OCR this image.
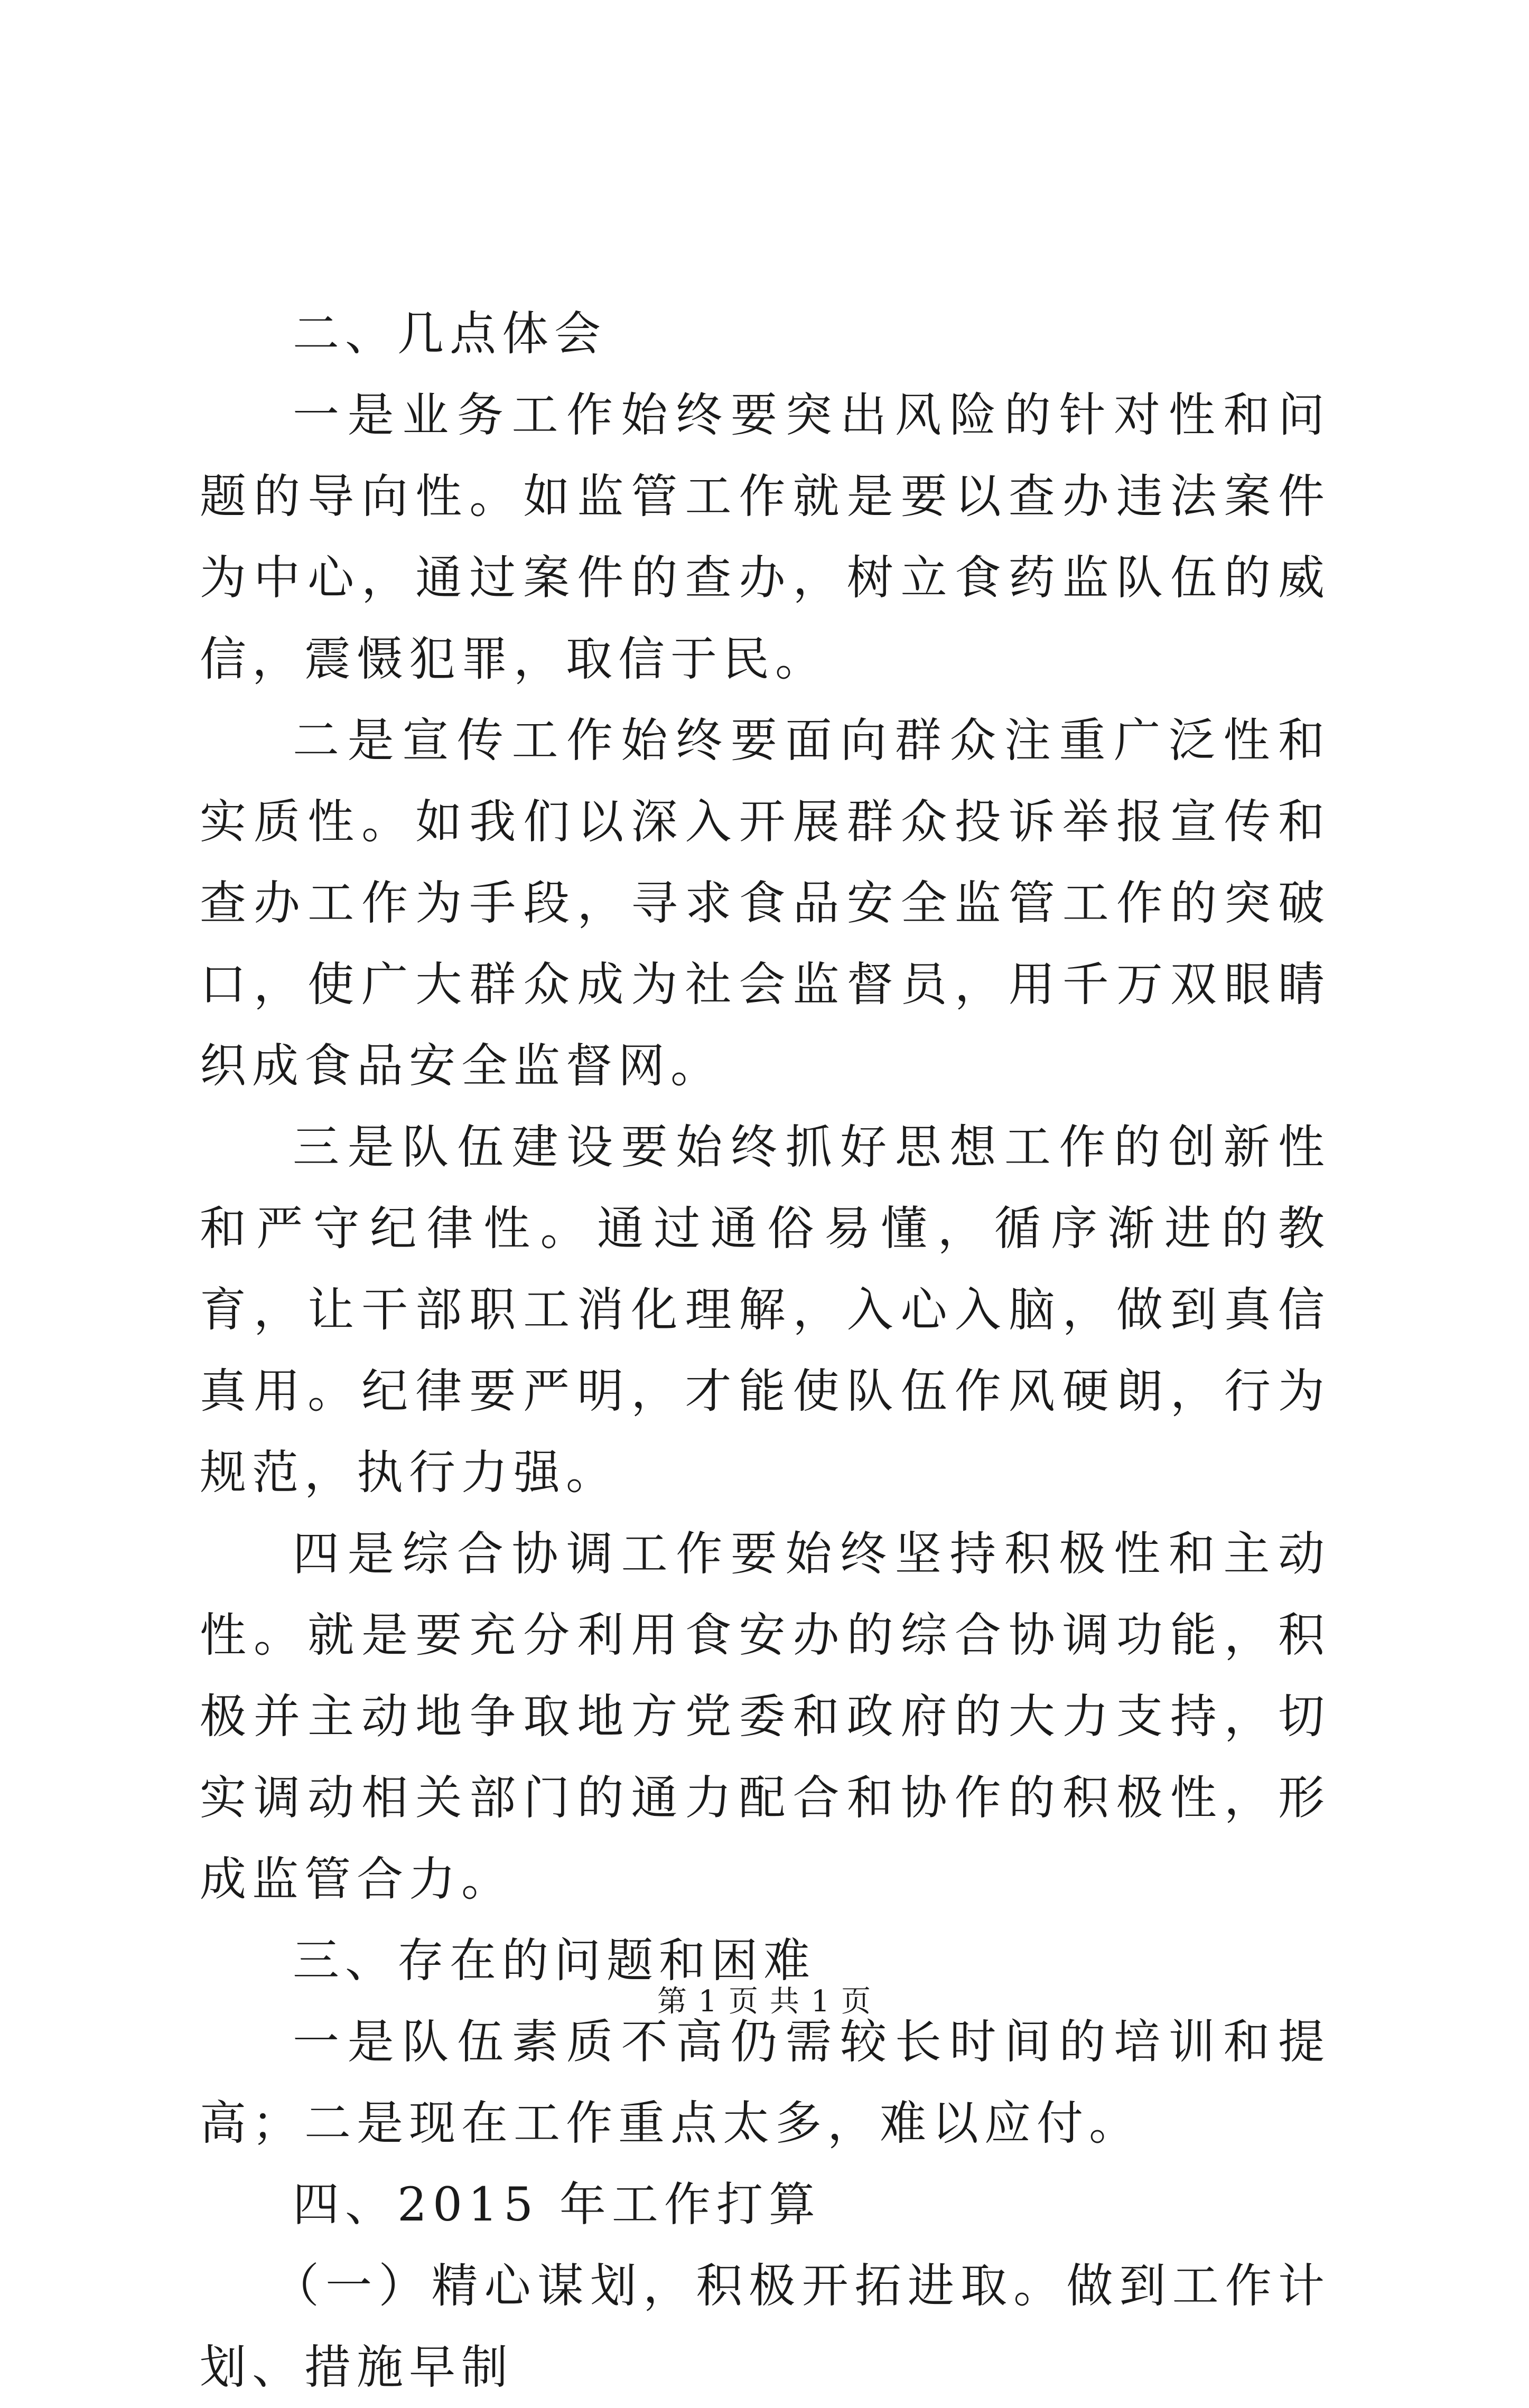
二、几点体会

一是业务工作始终要突出风险的针对性和问题的导向性。如监管工作就是要以查办违法案件为中心，通过案件的查办，树立食药监队伍的威信，震慑犯罪，取信于民。

二是宣传工作始终要面向群众注重广泛性和实质性。如我们以深入开展群众投诉举报宣传和查办工作为手段，寻求食品安全监管工作的突破口，使广大群众成为社会监督员，用千万双眼睛织成食品安全监督网。

三是队伍建设要始终抓好思想工作的创新性和严守纪律性。通过通俗易懂，循序渐进的教育，让干部职工消化理解，入心入脑，做到真信真用。纪律要严明，才能使队伍作风硬朗，行为规范，执行力强。

四是综合协调工作要始终坚持积极性和主动性。就是要充分利用食安办的综合协调功能，积极并主动地争取地方党委和政府的大力支持，切实调动相关部门的通力配合和协作的积极性，形成监管合力。

三、存在的问题和困难

一是队伍素质不高仍需较长时间的培训和提高；二是现在工作重点太多，难以应付。

四、2015 年工作打算

（一）精心谋划，积极开拓进取。做到工作计划、措施早制

第 1 页 共 1 页
